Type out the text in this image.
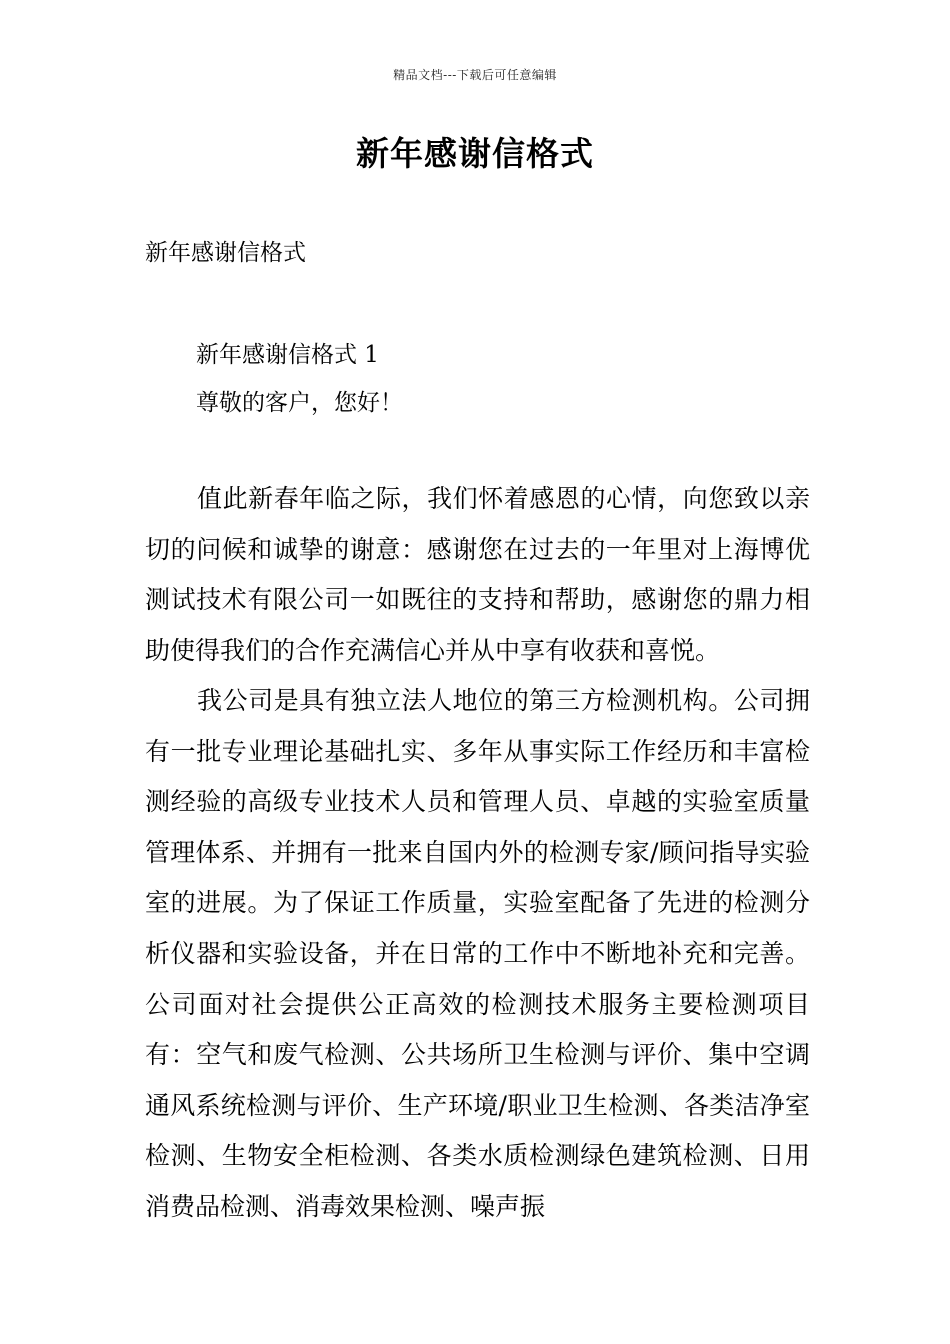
精品文档---下载后可任意编辑
新年感谢信格式

新年感谢信格式

新年感谢信格式 1

尊敬的客户，您好！

值此新春年临之际，我们怀着感恩的心情，向您致以亲切的问候和诚挚的谢意：感谢您在过去的一年里对上海博优测试技术有限公司一如既往的支持和帮助，感谢您的鼎力相助使得我们的合作充满信心并从中享有收获和喜悦。

我公司是具有独立法人地位的第三方检测机构。公司拥有一批专业理论基础扎实、多年从事实际工作经历和丰富检测经验的高级专业技术人员和管理人员、卓越的实验室质量管理体系、并拥有一批来自国内外的检测专家/顾问指导实验室的进展。为了保证工作质量，实验室配备了先进的检测分析仪器和实验设备，并在日常的工作中不断地补充和完善。公司面对社会提供公正高效的检测技术服务主要检测项目有：空气和废气检测、公共场所卫生检测与评价、集中空调通风系统检测与评价、生产环境/职业卫生检测、各类洁净室检测、生物安全柜检测、各类水质检测绿色建筑检测、日用消费品检测、消毒效果检测、噪声振
